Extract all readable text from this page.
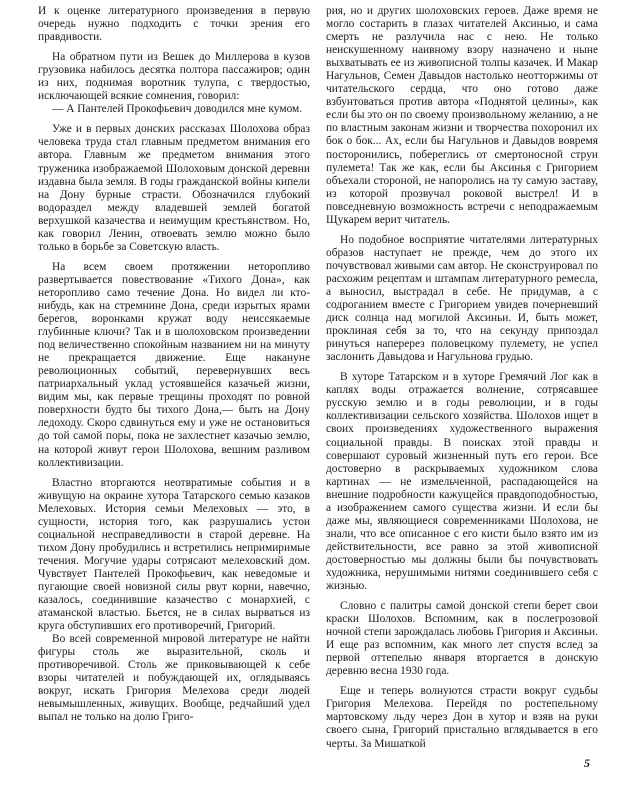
И к оценке литературного произведения в первую очередь нужно подходить с точки зрения его правдивости.

На обратном пути из Вешек до Миллерова в кузов грузовика набилось десятка полтора пассажиров; один из них, поднимая воротник тулупа, с твердостью, исключающей всякие сомнения, говорил:

— А Пантелей Прокофьевич доводился мне кумом.

Уже и в первых донских рассказах Шолохова образ человека труда стал главным предметом внимания его автора. Главным же предметом внимания этого труженика изображаемой Шолоховым донской деревни издавна была земля. В годы гражданской войны кипели на Дону бурные страсти. Обозначился глубокий водораздел между владевшей землей богатой верхушкой казачества и неимущим крестьянством. Но, как говорил Ленин, отвоевать землю можно было только в борьбе за Советскую власть.

На всем своем протяжении неторопливо развертывается повествование «Тихого Дона», как неторопливо само течение Дона. Но видел ли кто-нибудь, как на стремнине Дона, среди изрытых ярами берегов, воронками кружат воду неиссякаемые глубинные ключи? Так и в шолоховском произведении под величественно спокойным названием ни на минуту не прекращается движение. Еще накануне революционных событий, перевернувших весь патриархальный уклад устоявшейся казачьей жизни, видим мы, как первые трещины проходят по ровной поверхности будто бы тихого Дона,— быть на Дону ледоходу. Скоро сдвинуться ему и уже не остановиться до той самой поры, пока не захлестнет казачью землю, на которой живут герои Шолохова, вешним разливом коллективизации.

Властно вторгаются неотвратимые события и в живущую на окраине хутора Татарского семью казаков Мелеховых. История семьи Мелеховых — это, в сущности, история того, как разрушались устои социальной несправедливости в старой деревне. На тихом Дону пробудились и встретились непримиримые течения. Могучие удары сотрясают мелеховский дом. Чувствует Пантелей Прокофьевич, как неведомые и пугающие своей новизной силы рвут корни, навечно, казалось, соединившие казачество с монархией, с атаманской властью. Бьется, не в силах вырваться из круга обступивших его противоречий, Григорий.

Во всей современной мировой литературе не найти фигуры столь же выразительной, сколь и противоречивой. Столь же приковывающей к себе взоры читателей и побуждающей их, оглядываясь вокруг, искать Григория Мелехова среди людей невымышленных, живущих. Вообще, редчайший удел выпал не только на долю Григо-

рия, но и других шолоховских героев. Даже время не могло состарить в глазах читателей Аксинью, и сама смерть не разлучила нас с нею. Не только неискушенному наивному взору назначено и ныне выхватывать ее из живописной толпы казачек. И Макар Нагульнов, Семен Давыдов настолько неотторжимы от читательского сердца, что оно готово даже взбунтоваться против автора «Поднятой целины», как если бы это он по своему произвольному желанию, а не по властным законам жизни и творчества похоронил их бок о бок... Ах, если бы Нагульнов и Давыдов вовремя посторонились, побереглись от смертоносной струи пулемета! Так же как, если бы Аксинья с Григорием объехали стороной, не напоролись на ту самую заставу, из которой прозвучал роковой выстрел! И в повседневную возможность встречи с неподражаемым Щукарем верит читатель.

Но подобное восприятие читателями литературных образов наступает не прежде, чем до этого их почувствовал живыми сам автор. Не сконструировал по расхожим рецептам и штампам литературного ремесла, а выносил, выстрадал в себе. Не придумав, а с содроганием вместе с Григорием увидев почерневший диск солнца над могилой Аксиньи. И, быть может, проклиная себя за то, что на секунду припоздал ринуться наперерез половецкому пулемету, не успел заслонить Давыдова и Нагульнова грудью.

В хуторе Татарском и в хуторе Гремячий Лог как в каплях воды отражается волнение, сотрясавшее русскую землю и в годы революции, и в годы коллективизации сельского хозяйства. Шолохов ищет в своих произведениях художественного выражения социальной правды. В поисках этой правды и совершают суровый жизненный путь его герои. Все достоверно в раскрываемых художником слова картинах — не измельченной, распадающейся на внешние подробности кажущейся правдоподобностью, а изображением самого существа жизни. И если бы даже мы, являющиеся современниками Шолохова, не знали, что все описанное с его кисти было взято им из действительности, все равно за этой живописной достоверностью мы должны были бы почувствовать художника, нерушимыми нитями соединившего себя с жизнью.

Словно с палитры самой донской степи берет свои краски Шолохов. Вспомним, как в послегрозовой ночной степи зарождалась любовь Григория и Аксиньи. И еще раз вспомним, как много лет спустя вслед за первой оттепелью января вторгается в донскую деревню весна 1930 года.

Еще и теперь волнуются страсти вокруг судьбы Григория Мелехова. Перейдя по ростепельному мартовскому льду через Дон в хутор и взяв на руки своего сына, Григорий пристально вглядывается в его черты. За Мишаткой

5
